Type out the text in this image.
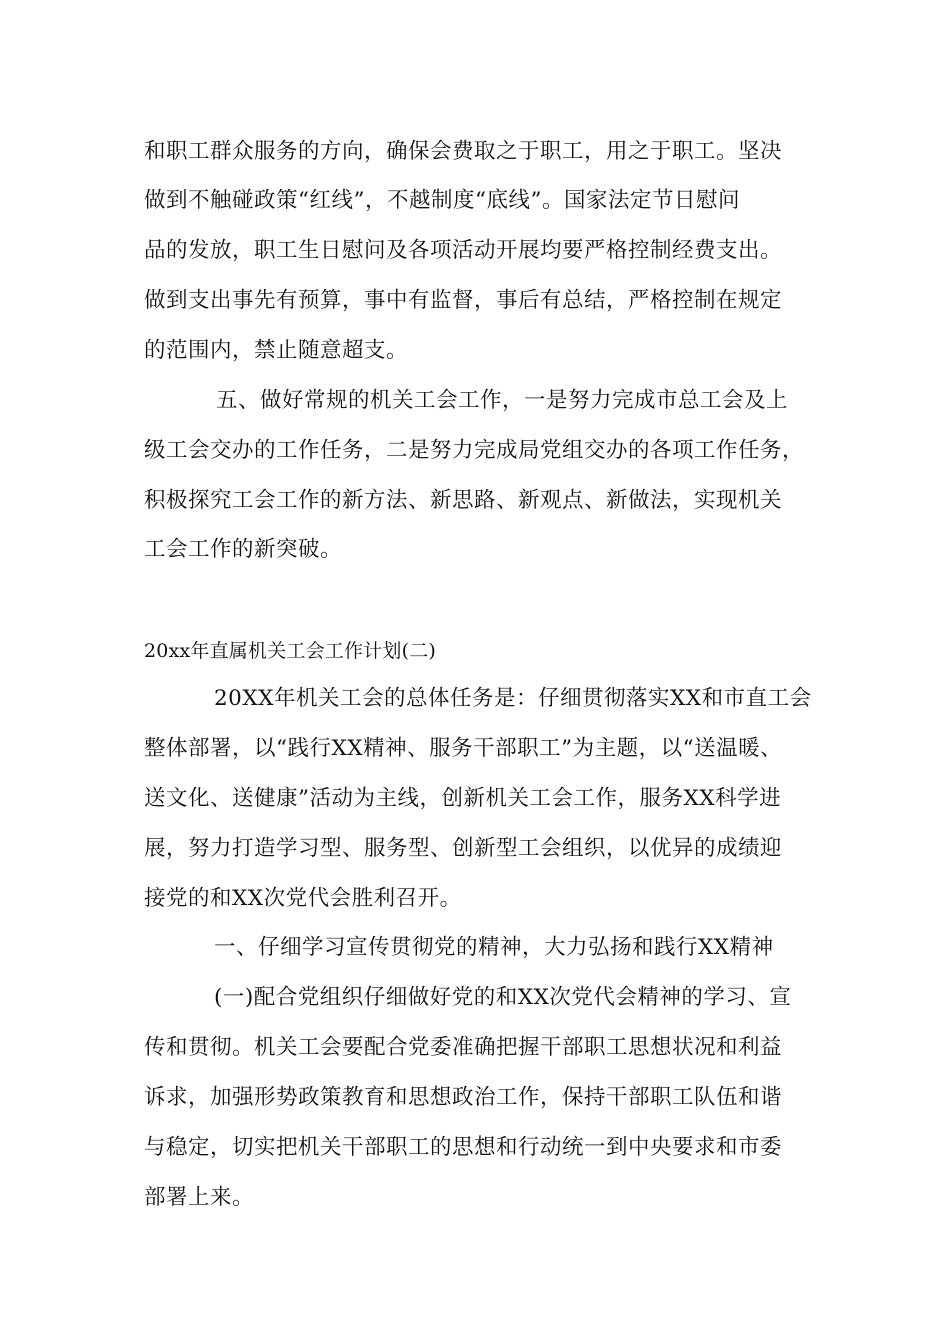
和职工群众服务的方向，确保会费取之于职工，用之于职工。坚决
做到不触碰政策“红线”，不越制度“底线”。国家法定节日慰问
品的发放，职工生日慰问及各项活动开展均要严格控制经费支出。
做到支出事先有预算，事中有监督，事后有总结，严格控制在规定
的范围内，禁止随意超支。
五、做好常规的机关工会工作，一是努力完成市总工会及上
级工会交办的工作任务，二是努力完成局党组交办的各项工作任务，
积极探究工会工作的新方法、新思路、新观点、新做法，实现机关
工会工作的新突破。
20xx年直属机关工会工作计划(二)
20XX年机关工会的总体任务是：仔细贯彻落实XX和市直工会
整体部署，以“践行XX精神、服务干部职工”为主题，以“送温暖、
送文化、送健康”活动为主线，创新机关工会工作，服务XX科学进
展，努力打造学习型、服务型、创新型工会组织，以优异的成绩迎
接党的和XX次党代会胜利召开。
一、仔细学习宣传贯彻党的精神，大力弘扬和践行XX精神
(一)配合党组织仔细做好党的和XX次党代会精神的学习、宣
传和贯彻。机关工会要配合党委准确把握干部职工思想状况和利益
诉求，加强形势政策教育和思想政治工作，保持干部职工队伍和谐
与稳定，切实把机关干部职工的思想和行动统一到中央要求和市委
部署上来。
